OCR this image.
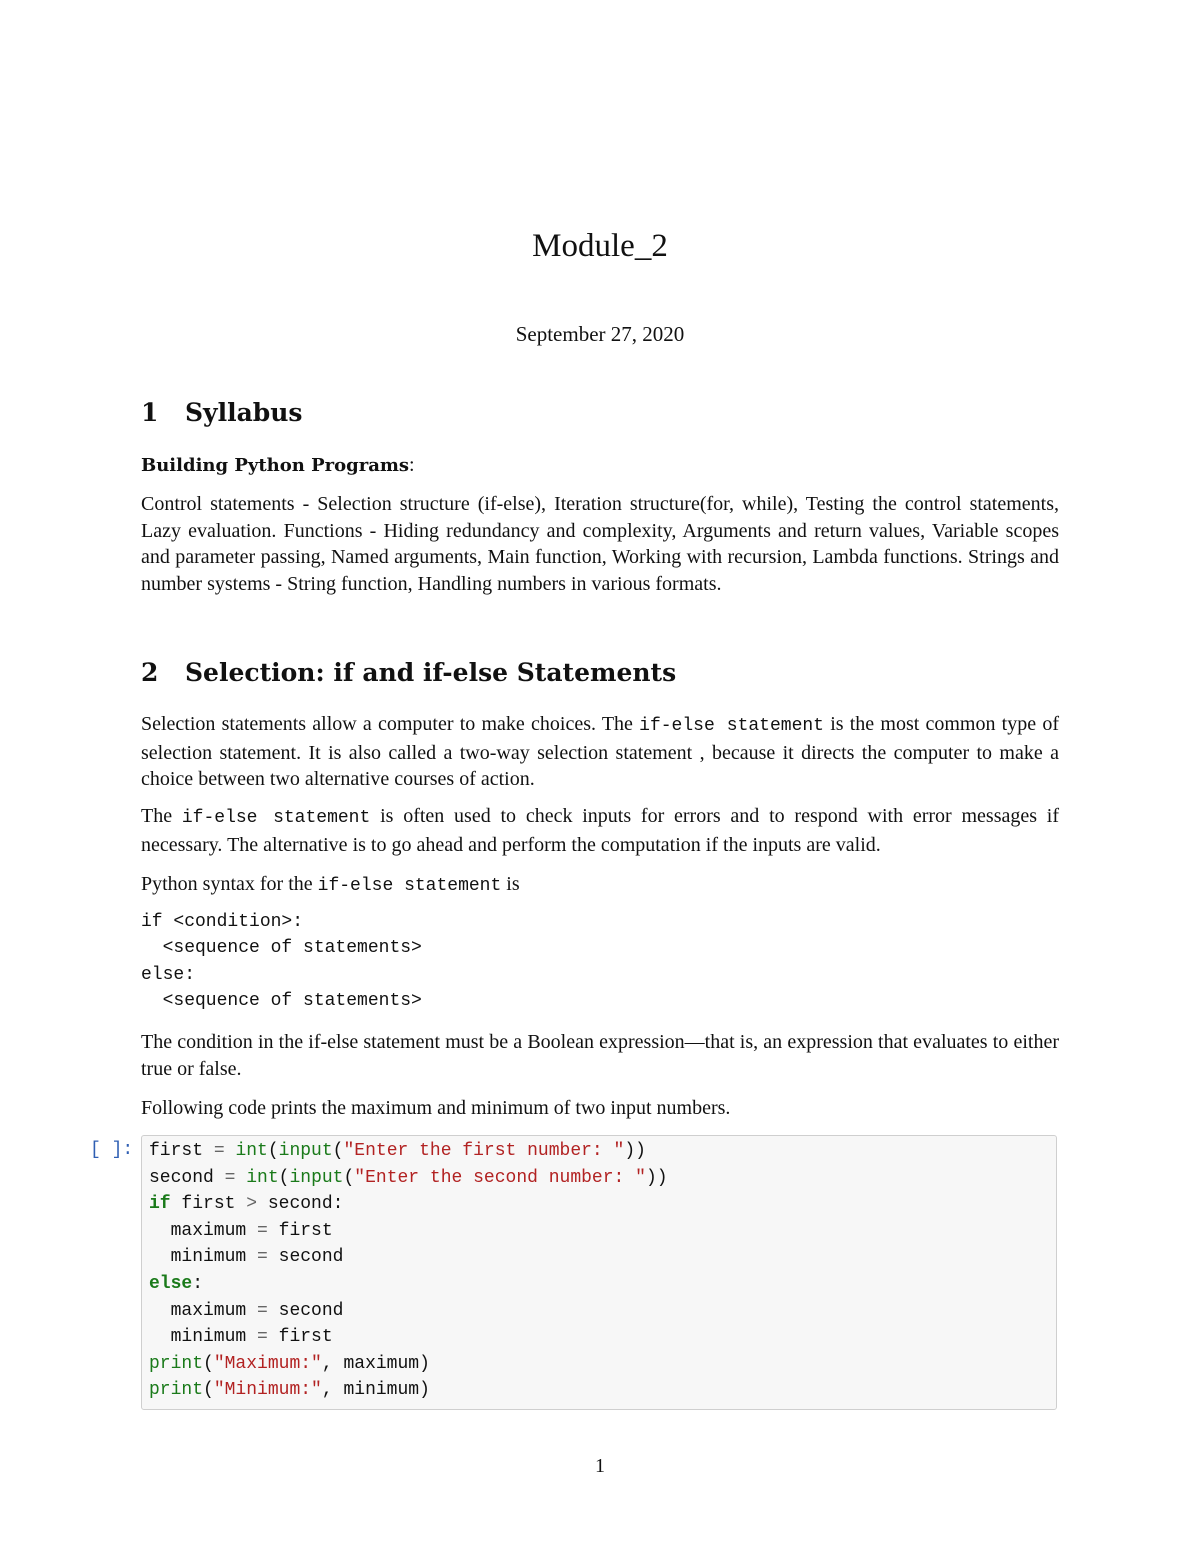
Module_2
September 27, 2020
1 Syllabus
Building Python Programs:
Control statements - Selection structure (if-else), Iteration structure(for, while), Testing the control statements, Lazy evaluation. Functions - Hiding redundancy and complexity, Arguments and return values, Variable scopes and parameter passing, Named arguments, Main function, Working with recursion, Lambda functions. Strings and number systems - String function, Handling numbers in various formats.
2 Selection: if and if-else Statements
Selection statements allow a computer to make choices. The if-else statement is the most common type of selection statement. It is also called a two-way selection statement , because it directs the computer to make a choice between two alternative courses of action.
The if-else statement is often used to check inputs for errors and to respond with error messages if necessary. The alternative is to go ahead and perform the computation if the inputs are valid.
Python syntax for the if-else statement is
if <condition>:
<sequence of statements>
else:
<sequence of statements>
The condition in the if-else statement must be a Boolean expression—that is, an expression that evaluates to either true or false.
Following code prints the maximum and minimum of two input numbers.
[ ]: first = int(input("Enter the first number: "))
second = int(input("Enter the second number: "))
if first > second:
maximum = first
minimum = second
else:
maximum = second
minimum = first
print("Maximum:", maximum)
print("Minimum:", minimum)
1
